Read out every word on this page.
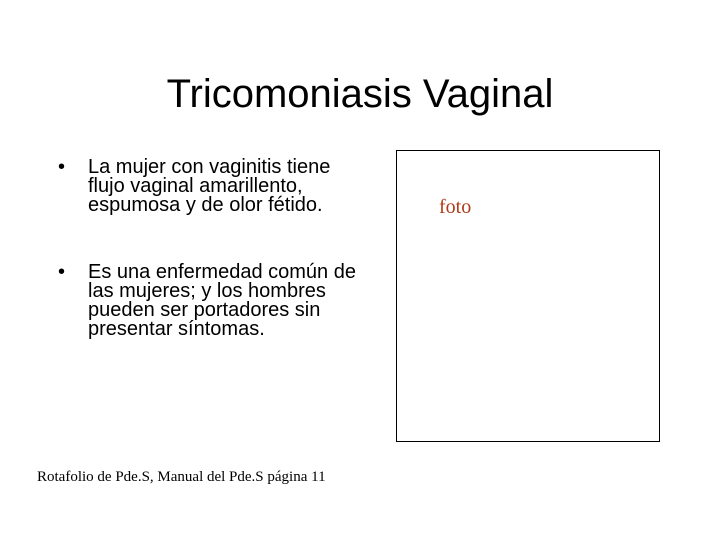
Tricomoniasis Vaginal
• La mujer con vaginitis tiene flujo vaginal amarillento, espumosa y de olor fétido.
• Es una enfermedad común de las mujeres; y los hombres pueden ser portadores sin presentar síntomas.
foto
Rotafolio de Pde.S, Manual del Pde.S página 11
